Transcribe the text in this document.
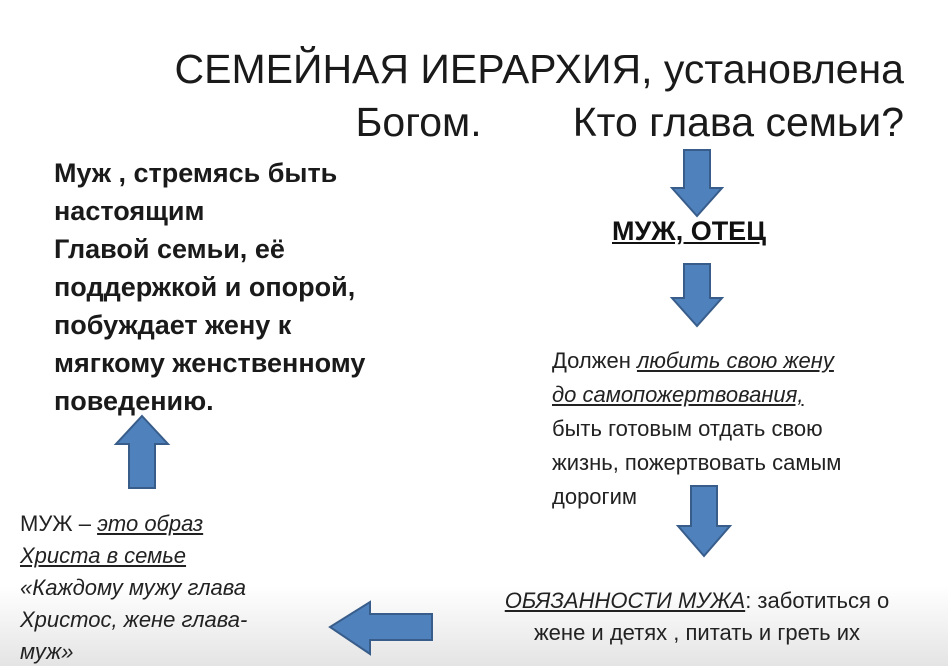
СЕМЕЙНАЯ ИЕРАРХИЯ, установлена
Богом.        Кто глава семьи?
Муж , стремясь быть
настоящим
Главой семьи, её
поддержкой и опорой,
побуждает жену к
мягкому женственному
поведению.
МУЖ, ОТЕЦ
Должен любить свою жену
до самопожертвования,
быть готовым отдать свою
жизнь, пожертвовать самым
дорогим
ОБЯЗАННОСТИ МУЖА: заботиться о
жене и детях , питать и греть их
МУЖ – это образ
Христа в семье
«Каждому мужу глава
Христос, жене глава-
муж»
